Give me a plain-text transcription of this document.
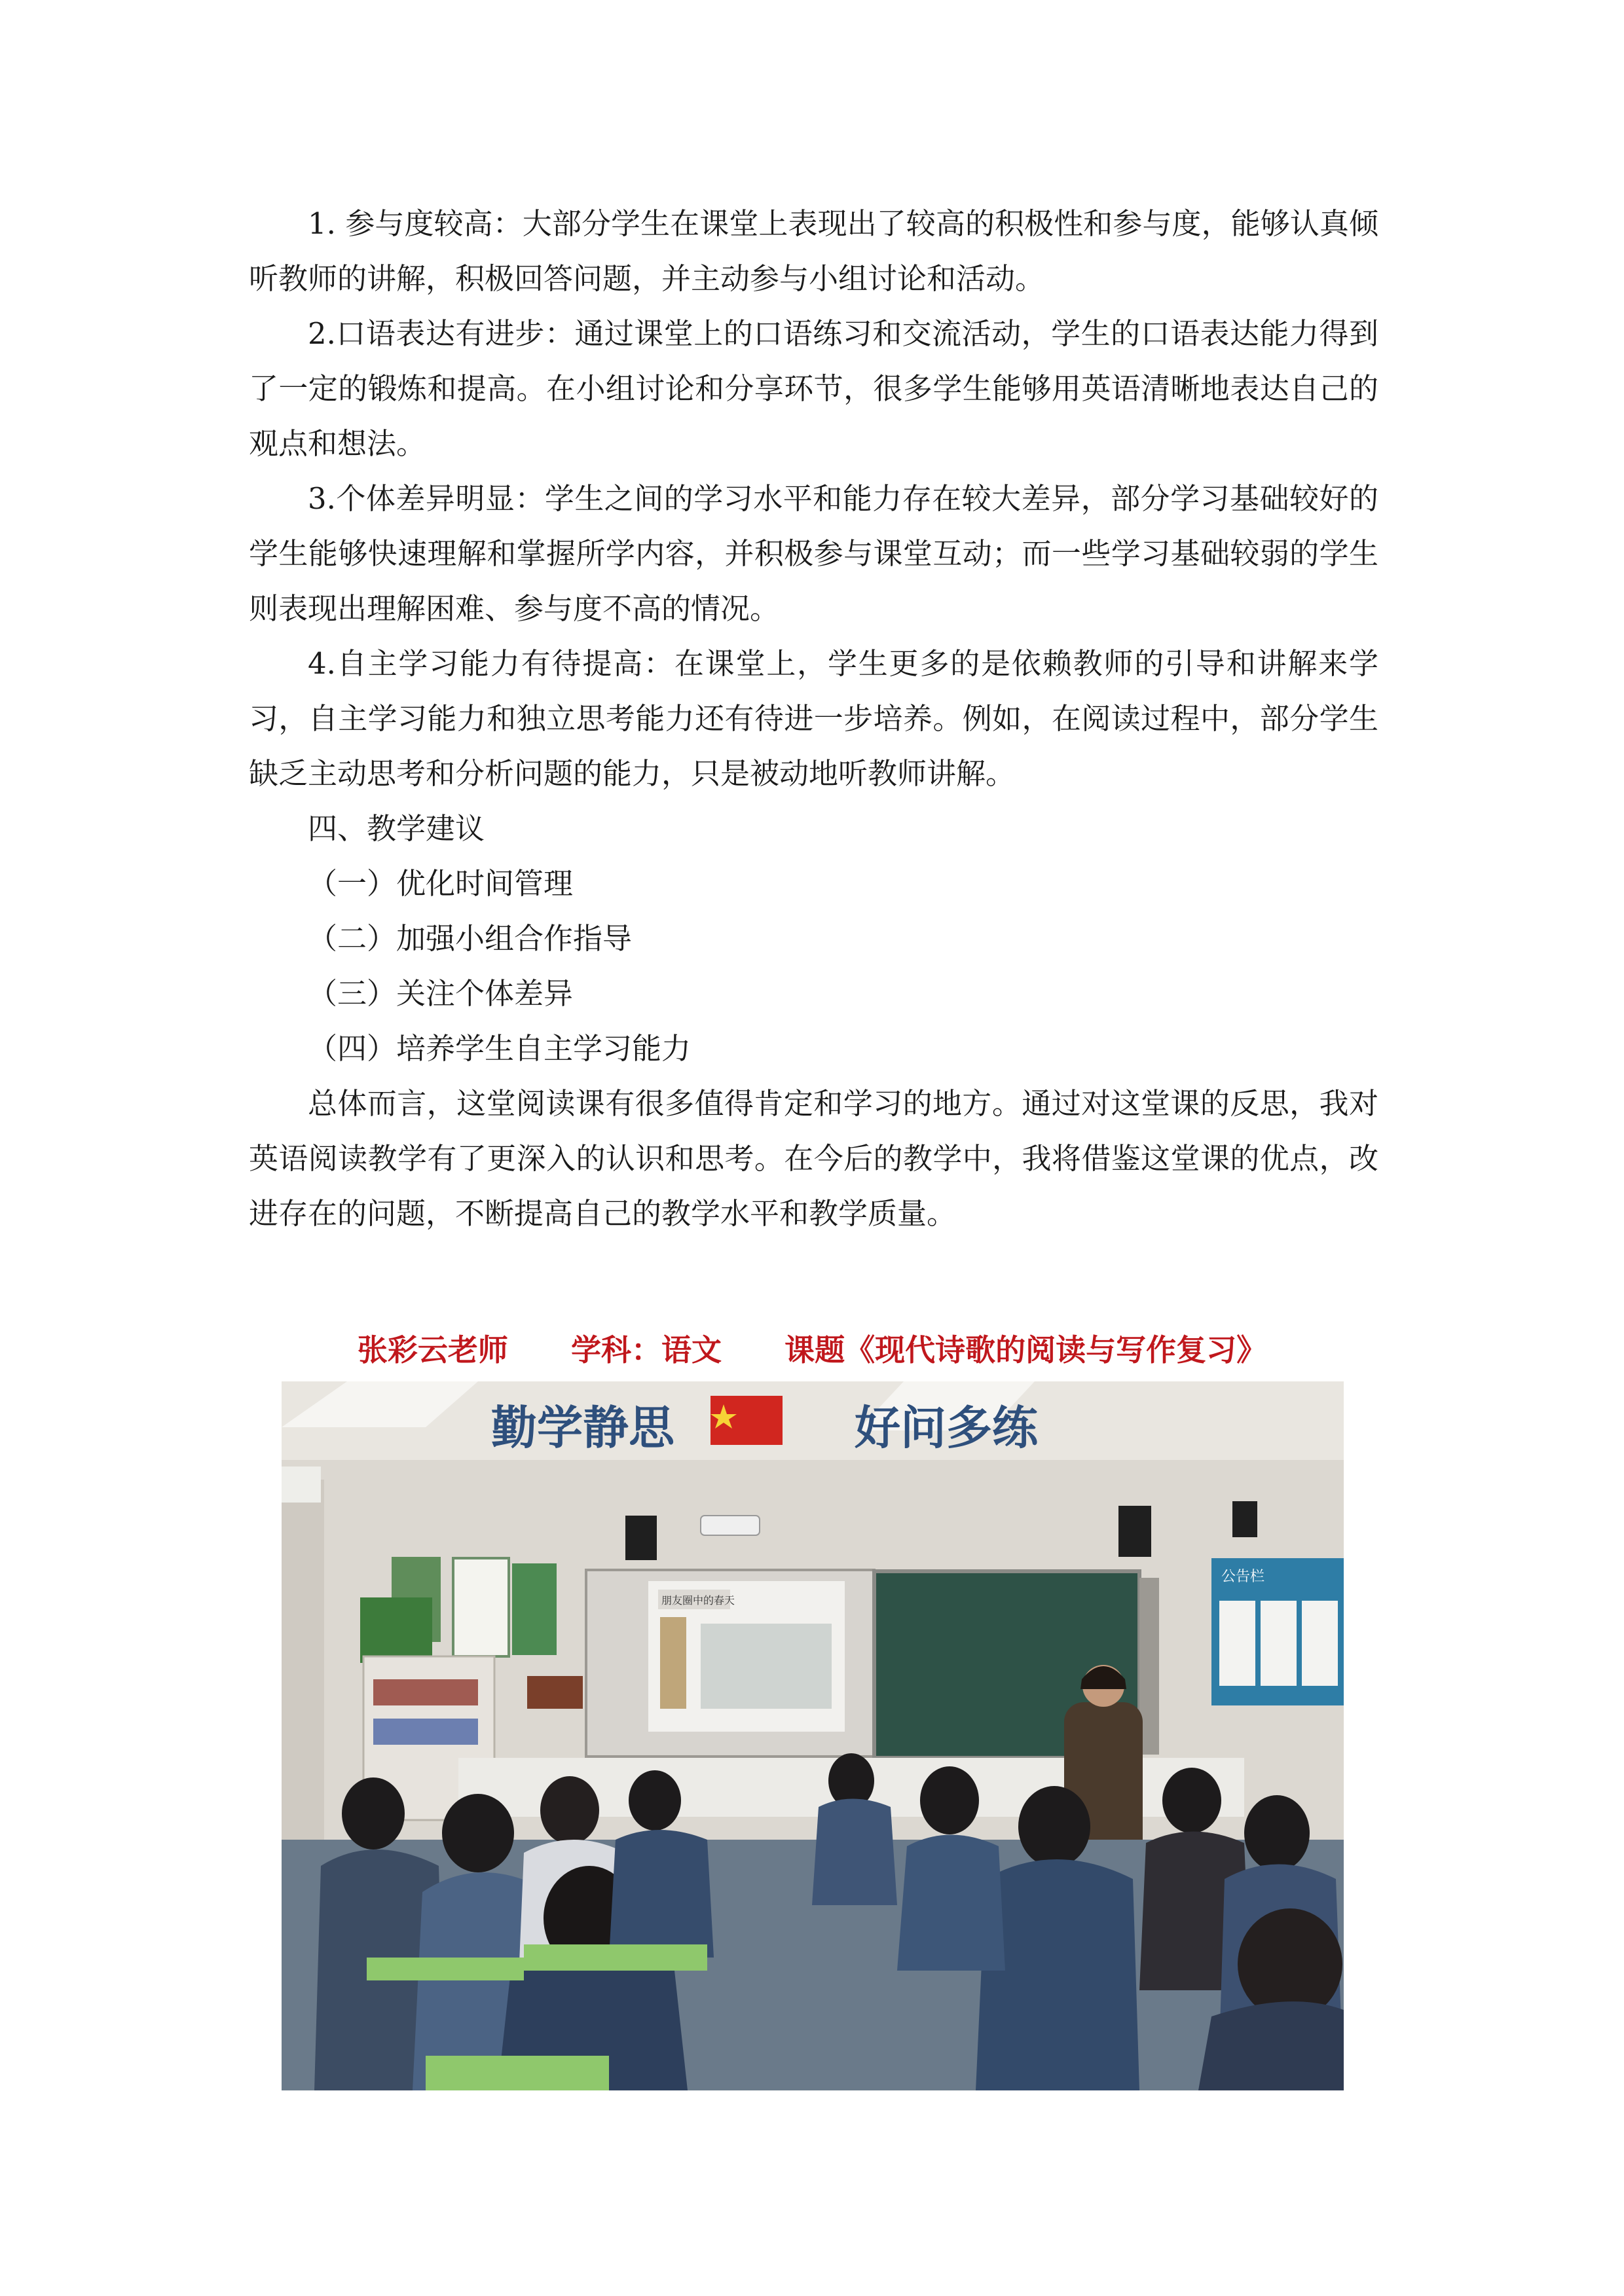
1. 参与度较高：大部分学生在课堂上表现出了较高的积极性和参与度，能够认真倾听教师的讲解，积极回答问题，并主动参与小组讨论和活动。

2.口语表达有进步：通过课堂上的口语练习和交流活动，学生的口语表达能力得到了一定的锻炼和提高。在小组讨论和分享环节，很多学生能够用英语清晰地表达自己的观点和想法。

3.个体差异明显：学生之间的学习水平和能力存在较大差异，部分学习基础较好的学生能够快速理解和掌握所学内容，并积极参与课堂互动；而一些学习基础较弱的学生则表现出理解困难、参与度不高的情况。

4.自主学习能力有待提高：在课堂上，学生更多的是依赖教师的引导和讲解来学习，自主学习能力和独立思考能力还有待进一步培养。例如，在阅读过程中，部分学生缺乏主动思考和分析问题的能力，只是被动地听教师讲解。

四、教学建议

（一）优化时间管理

（二）加强小组合作指导

（三）关注个体差异

（四）培养学生自主学习能力

总体而言，这堂阅读课有很多值得肯定和学习的地方。通过对这堂课的反思，我对英语阅读教学有了更深入的认识和思考。在今后的教学中，我将借鉴这堂课的优点，改进存在的问题，不断提高自己的教学水平和教学质量。

张彩云老师 学科：语文 课题《现代诗歌的阅读与写作复习》
勤学静思	好问多练
朋友圈中的春天
公告栏
